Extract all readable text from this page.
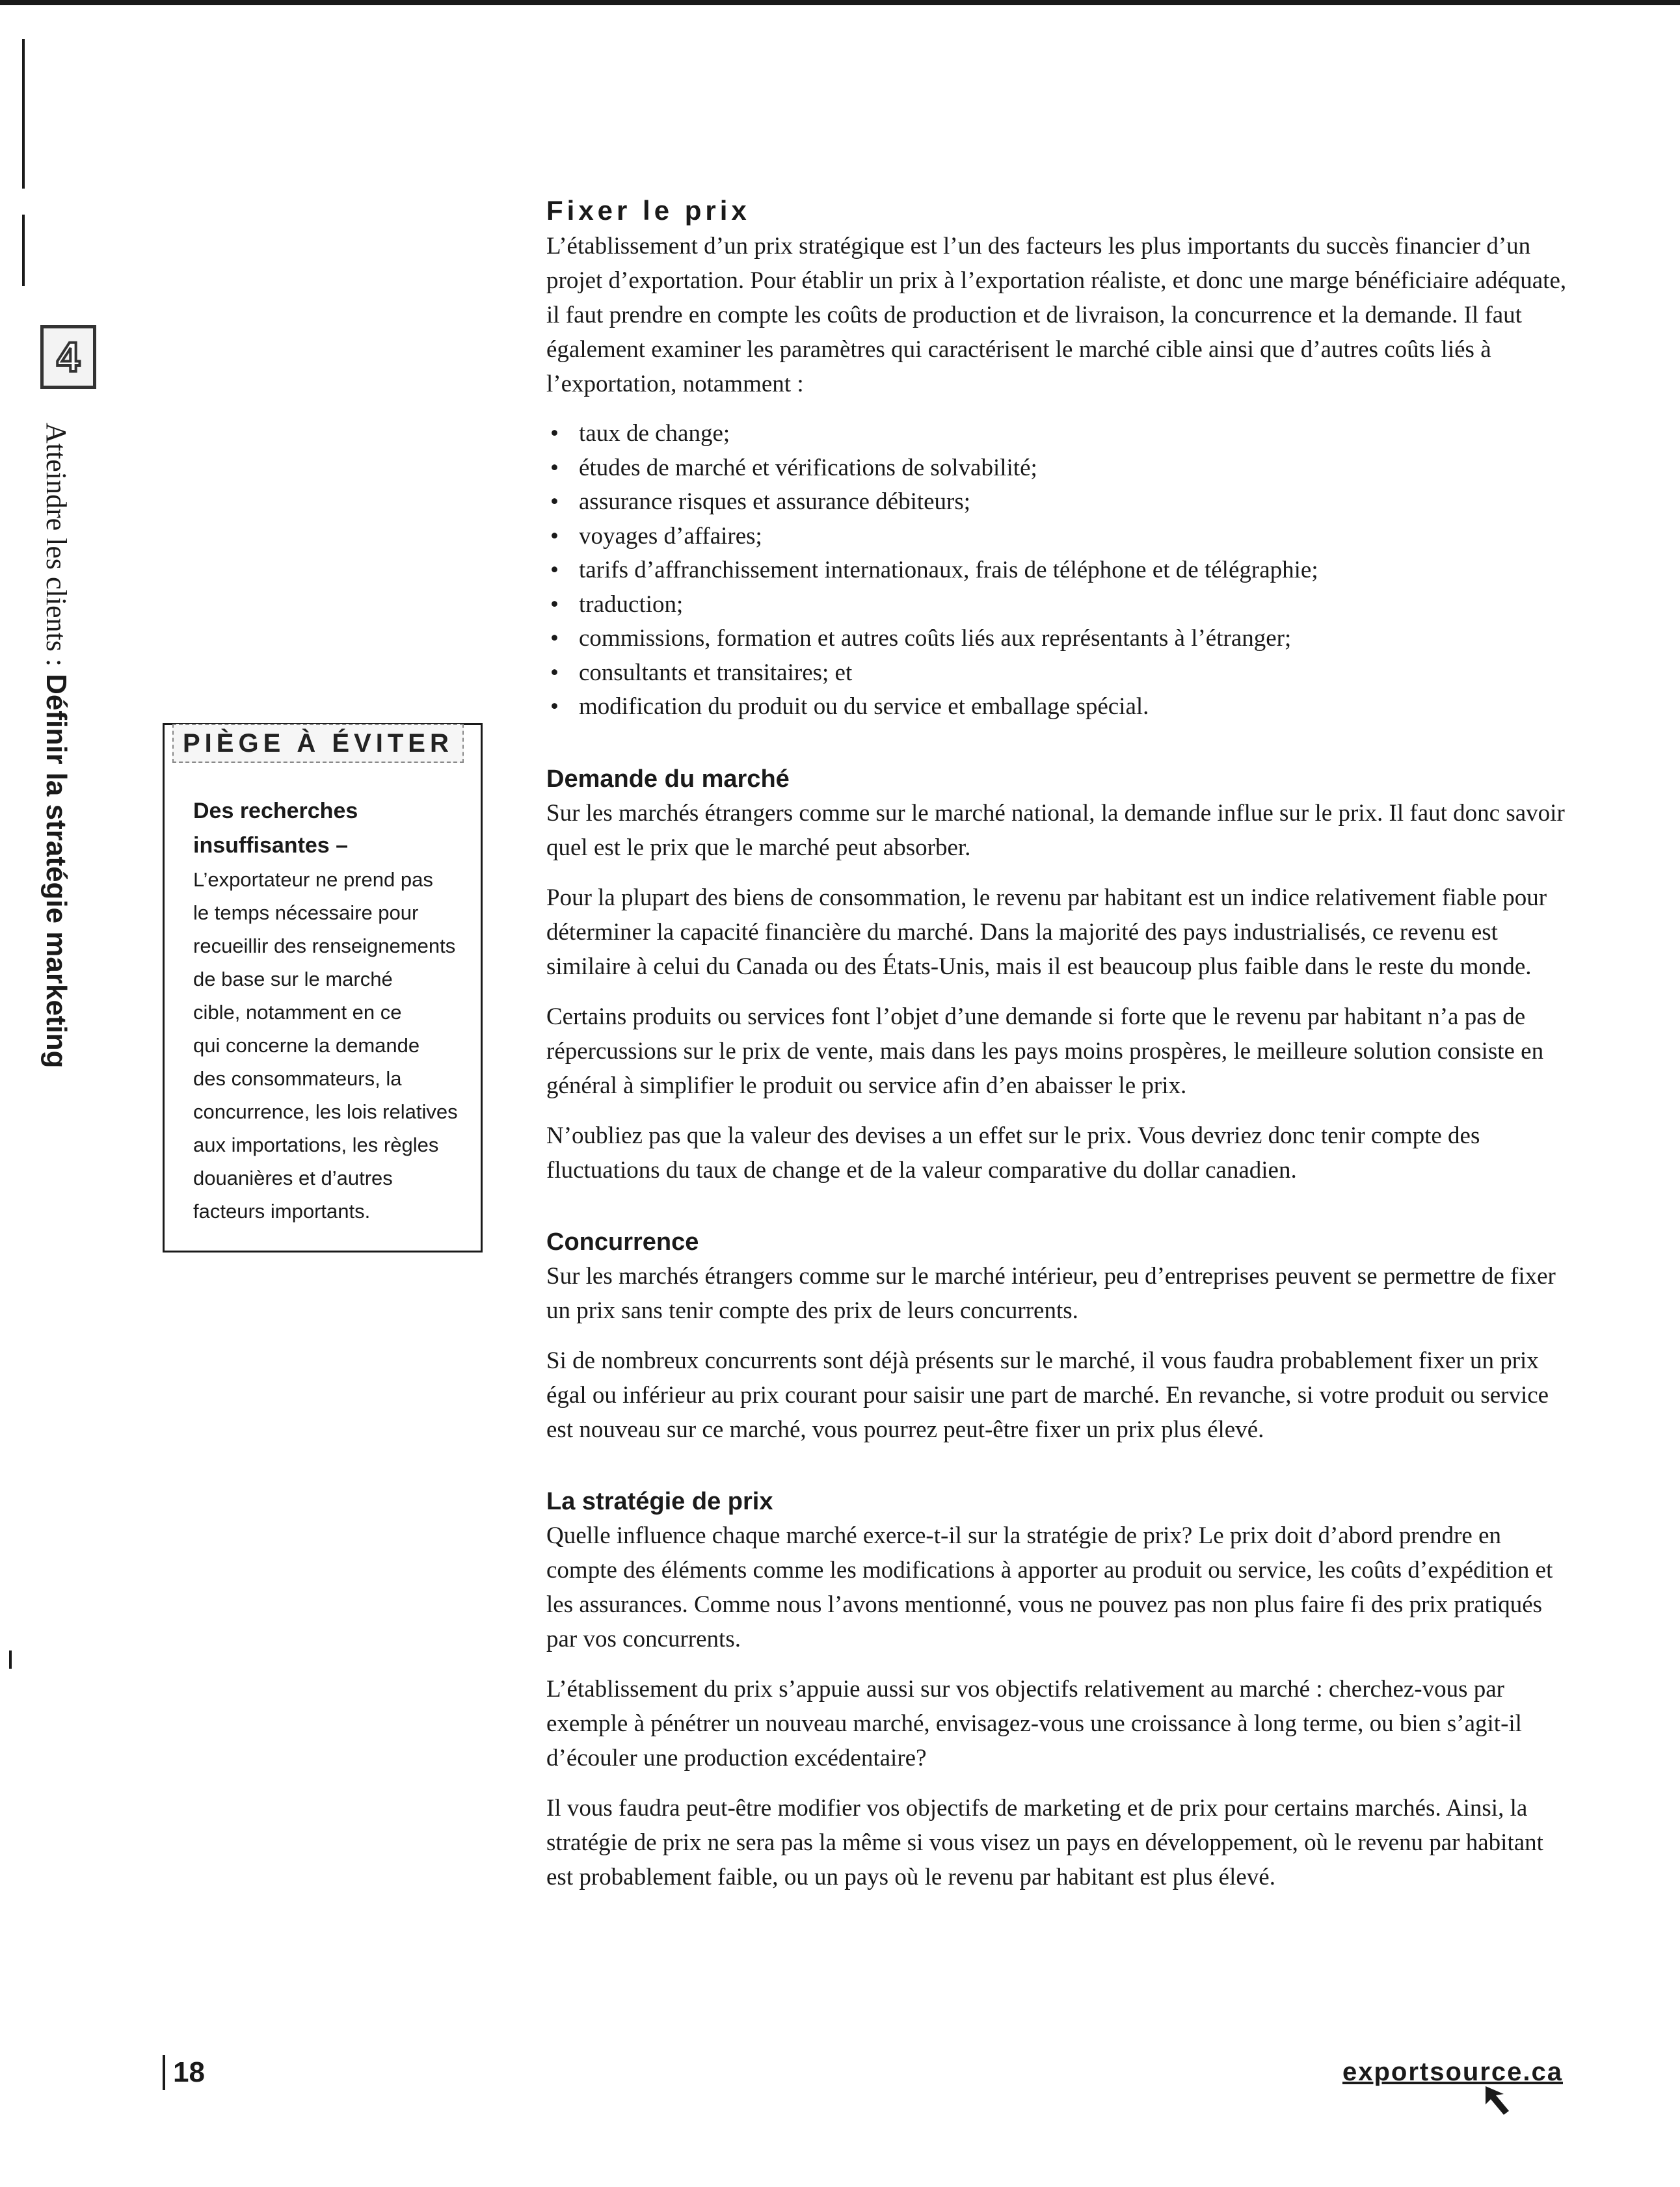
4
Atteindre les clients : Définir la stratégie marketing	PIÈGE À ÉVITER
Des recherches
insuffisantes –
L’exportateur ne prend pas
le temps nécessaire pour
recueillir des renseignements
de base sur le marché
cible, notamment en ce
qui concerne la demande
des consommateurs, la
concurrence, les lois relatives
aux importations, les règles
douanières et d’autres
facteurs importants.
Fixer le prix

L’établissement d’un prix stratégique est l’un des facteurs les plus importants du succès financier d’un projet d’exportation. Pour établir un prix à l’exportation réaliste, et donc une marge bénéficiaire adéquate, il faut prendre en compte les coûts de production et de livraison, la concurrence et la demande. Il faut également examiner les paramètres qui caractérisent le marché cible ainsi que d’autres coûts liés à l’exportation, notamment :

• taux de change;
• études de marché et vérifications de solvabilité;
• assurance risques et assurance débiteurs;
• voyages d’affaires;
• tarifs d’affranchissement internationaux, frais de téléphone et de télégraphie;
• traduction;
• commissions, formation et autres coûts liés aux représentants à l’étranger;
• consultants et transitaires; et
• modification du produit ou du service et emballage spécial.
Demande du marché

Sur les marchés étrangers comme sur le marché national, la demande influe sur le prix. Il faut donc savoir quel est le prix que le marché peut absorber.

Pour la plupart des biens de consommation, le revenu par habitant est un indice relativement fiable pour déterminer la capacité financière du marché. Dans la majorité des pays industrialisés, ce revenu est similaire à celui du Canada ou des États-Unis, mais il est beaucoup plus faible dans le reste du monde.

Certains produits ou services font l’objet d’une demande si forte que le revenu par habitant n’a pas de répercussions sur le prix de vente, mais dans les pays moins prospères, le meilleure solution consiste en général à simplifier le produit ou service afin d’en abaisser le prix.

N’oubliez pas que la valeur des devises a un effet sur le prix. Vous devriez donc tenir compte des fluctuations du taux de change et de la valeur comparative du dollar canadien.

Concurrence

Sur les marchés étrangers comme sur le marché intérieur, peu d’entreprises peuvent se permettre de fixer un prix sans tenir compte des prix de leurs concurrents.

Si de nombreux concurrents sont déjà présents sur le marché, il vous faudra probablement fixer un prix égal ou inférieur au prix courant pour saisir une part de marché. En revanche, si votre produit ou service est nouveau sur ce marché, vous pourrez peut-être fixer un prix plus élevé.

La stratégie de prix

Quelle influence chaque marché exerce-t-il sur la stratégie de prix? Le prix doit d’abord prendre en compte des éléments comme les modifications à apporter au produit ou service, les coûts d’expédition et les assurances. Comme nous l’avons mentionné, vous ne pouvez pas non plus faire fi des prix pratiqués par vos concurrents.

L’établissement du prix s’appuie aussi sur vos objectifs relativement au marché : cherchez-vous par exemple à pénétrer un nouveau marché, envisagez-vous une croissance à long terme, ou bien s’agit-il d’écouler une production excédentaire?

Il vous faudra peut-être modifier vos objectifs de marketing et de prix pour certains marchés. Ainsi, la stratégie de prix ne sera pas la même si vous visez un pays en développement, où le revenu par habitant est probablement faible, ou un pays où le revenu par habitant est plus élevé.

18	exportsource.ca
